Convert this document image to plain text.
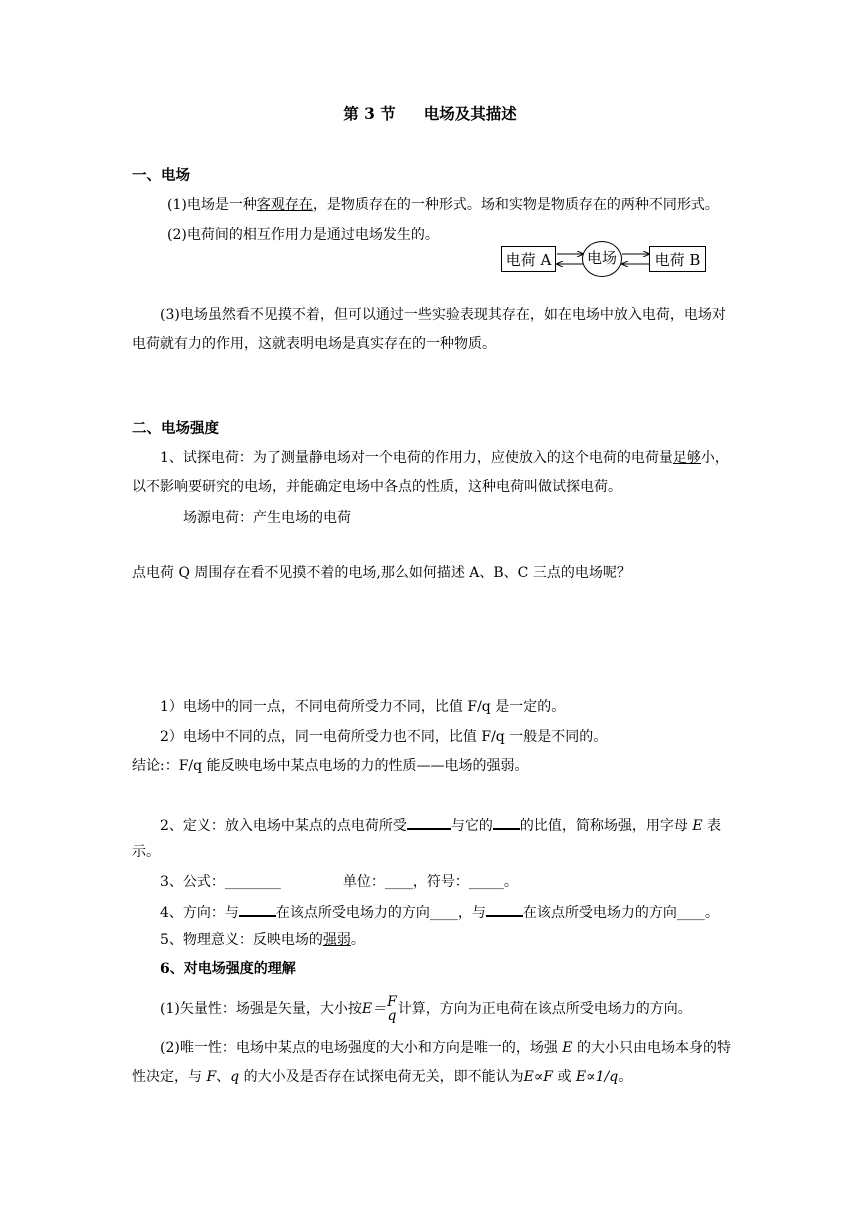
第 3 节 电场及其描述
一、电场
(1)电场是一种客观存在，是物质存在的一种形式。场和实物是物质存在的两种不同形式。
(2)电荷间的相互作用力是通过电场发生的。
电荷 A	电场	电荷 B
(3)电场虽然看不见摸不着，但可以通过一些实验表现其存在，如在电场中放入电荷，电场对
电荷就有力的作用，这就表明电场是真实存在的一种物质。
二、电场强度
1、试探电荷：为了测量静电场对一个电荷的作用力，应使放入的这个电荷的电荷量足够小，
以不影响要研究的电场，并能确定电场中各点的性质，这种电荷叫做试探电荷。
场源电荷：产生电场的电荷
点电荷 Q 周围存在看不见摸不着的电场,那么如何描述 A、B、C 三点的电场呢？
1）电场中的同一点，不同电荷所受力不同，比值 F/q 是一定的。
2）电场中不同的点，同一电荷所受力也不同，比值 F/q 一般是不同的。
结论:：F/q 能反映电场中某点电场的力的性质——电场的强弱。
2、定义：放入电场中某点的点电荷所受	与它的 的比值，简称场强，用字母 E 表
示。
3、公式：________	单位：____，符号：_____。
4、方向：与	在该点所受电场力的方向____，与	在该点所受电场力的方向____。
5、物理意义：反映电场的强弱。
6、对电场强度的理解
(1)矢量性：场强是矢量，大小按E＝ F
q 计算，方向为正电荷在该点所受电场力的方向。
(2)唯一性：电场中某点的电场强度的大小和方向是唯一的，场强 E 的大小只由电场本身的特
性决定，与 F、q 的大小及是否存在试探电荷无关，即不能认为E∝F 或 E∝1/q。
